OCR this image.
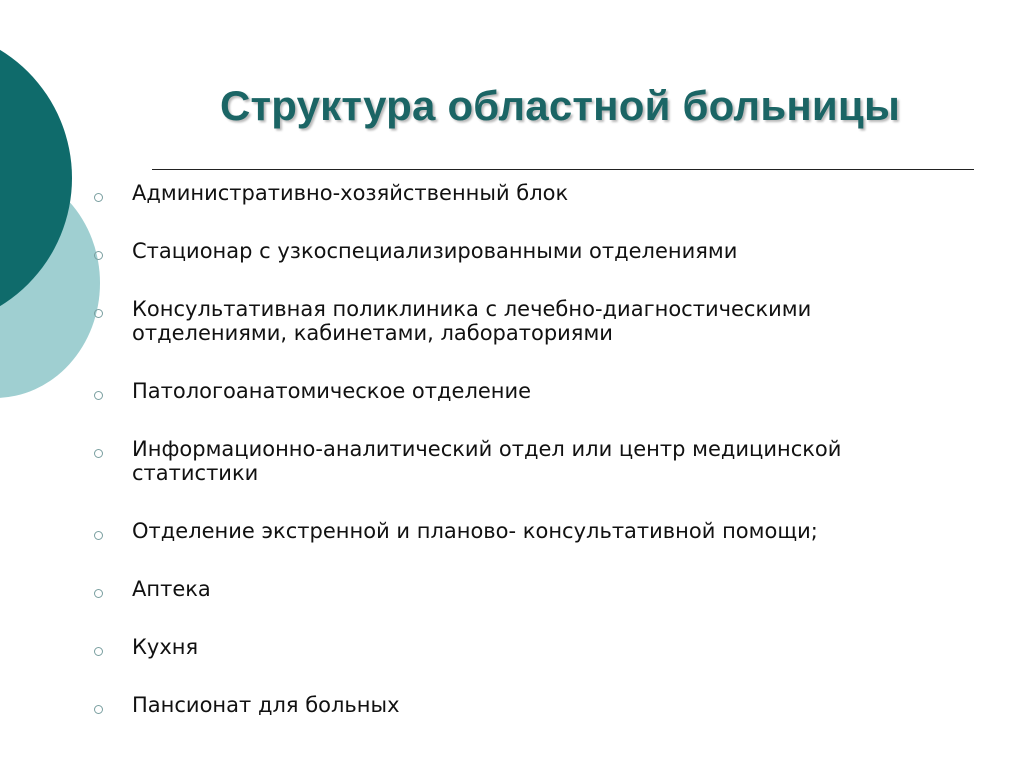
Структура областной больницы
Административно-хозяйственный блок
Стационар с узкоспециализированными отделениями
Консультативная поликлиника с лечебно-диагностическими
отделениями, кабинетами, лабораториями
Патологоанатомическое отделение
Информационно-аналитический отдел или центр медицинской
статистики
Отделение экстренной и планово- консультативной помощи;
Аптека
Кухня
Пансионат для больных
